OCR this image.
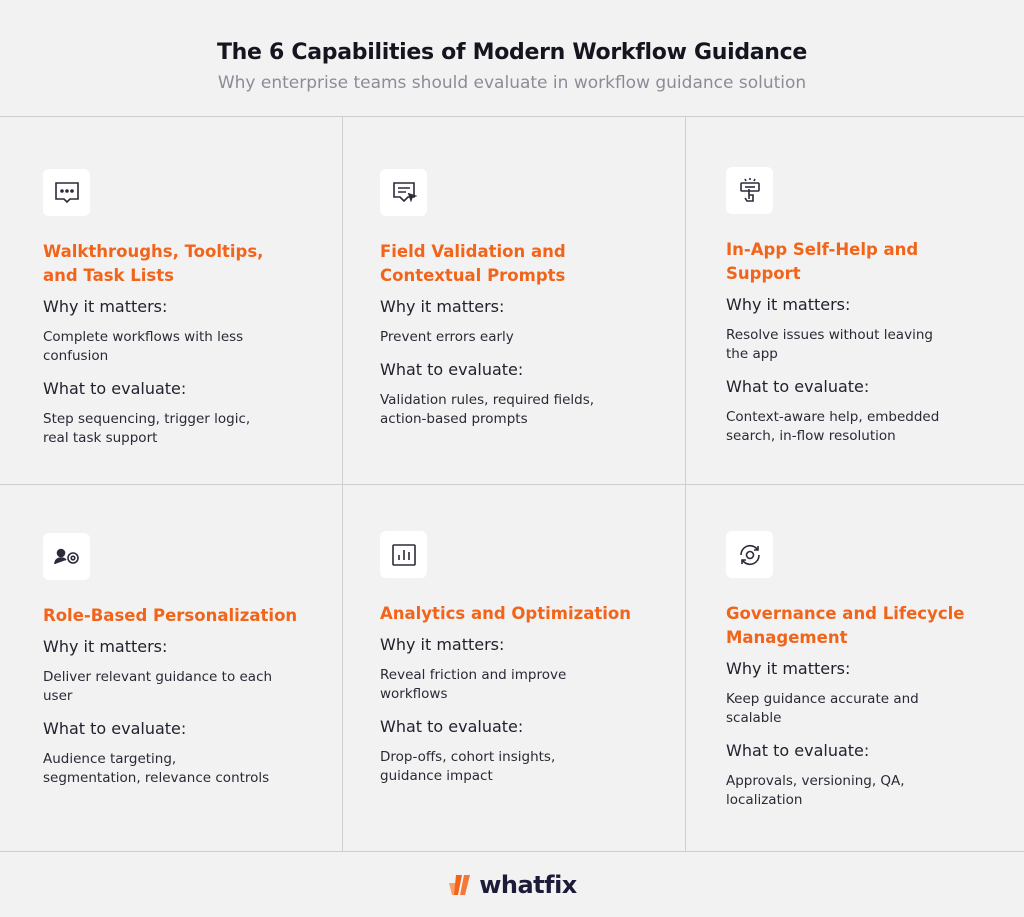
The 6 Capabilities of Modern Workflow Guidance
Why enterprise teams should evaluate in workflow guidance solution
Walkthroughs, Tooltips, and Task Lists
Why it matters:
Complete workflows with less confusion
What to evaluate:
Step sequencing, trigger logic, real task support
Field Validation and Contextual Prompts
Why it matters:
Prevent errors early
What to evaluate:
Validation rules, required fields, action-based prompts
In-App Self-Help and Support
Why it matters:
Resolve issues without leaving the app
What to evaluate:
Context-aware help, embedded search, in-flow resolution
Role-Based Personalization
Why it matters:
Deliver relevant guidance to each user
What to evaluate:
Audience targeting, segmentation, relevance controls
Analytics and Optimization
Why it matters:
Reveal friction and improve workflows
What to evaluate:
Drop-offs, cohort insights, guidance impact
Governance and Lifecycle Management
Why it matters:
Keep guidance accurate and scalable
What to evaluate:
Approvals, versioning, QA, localization
whatfix
